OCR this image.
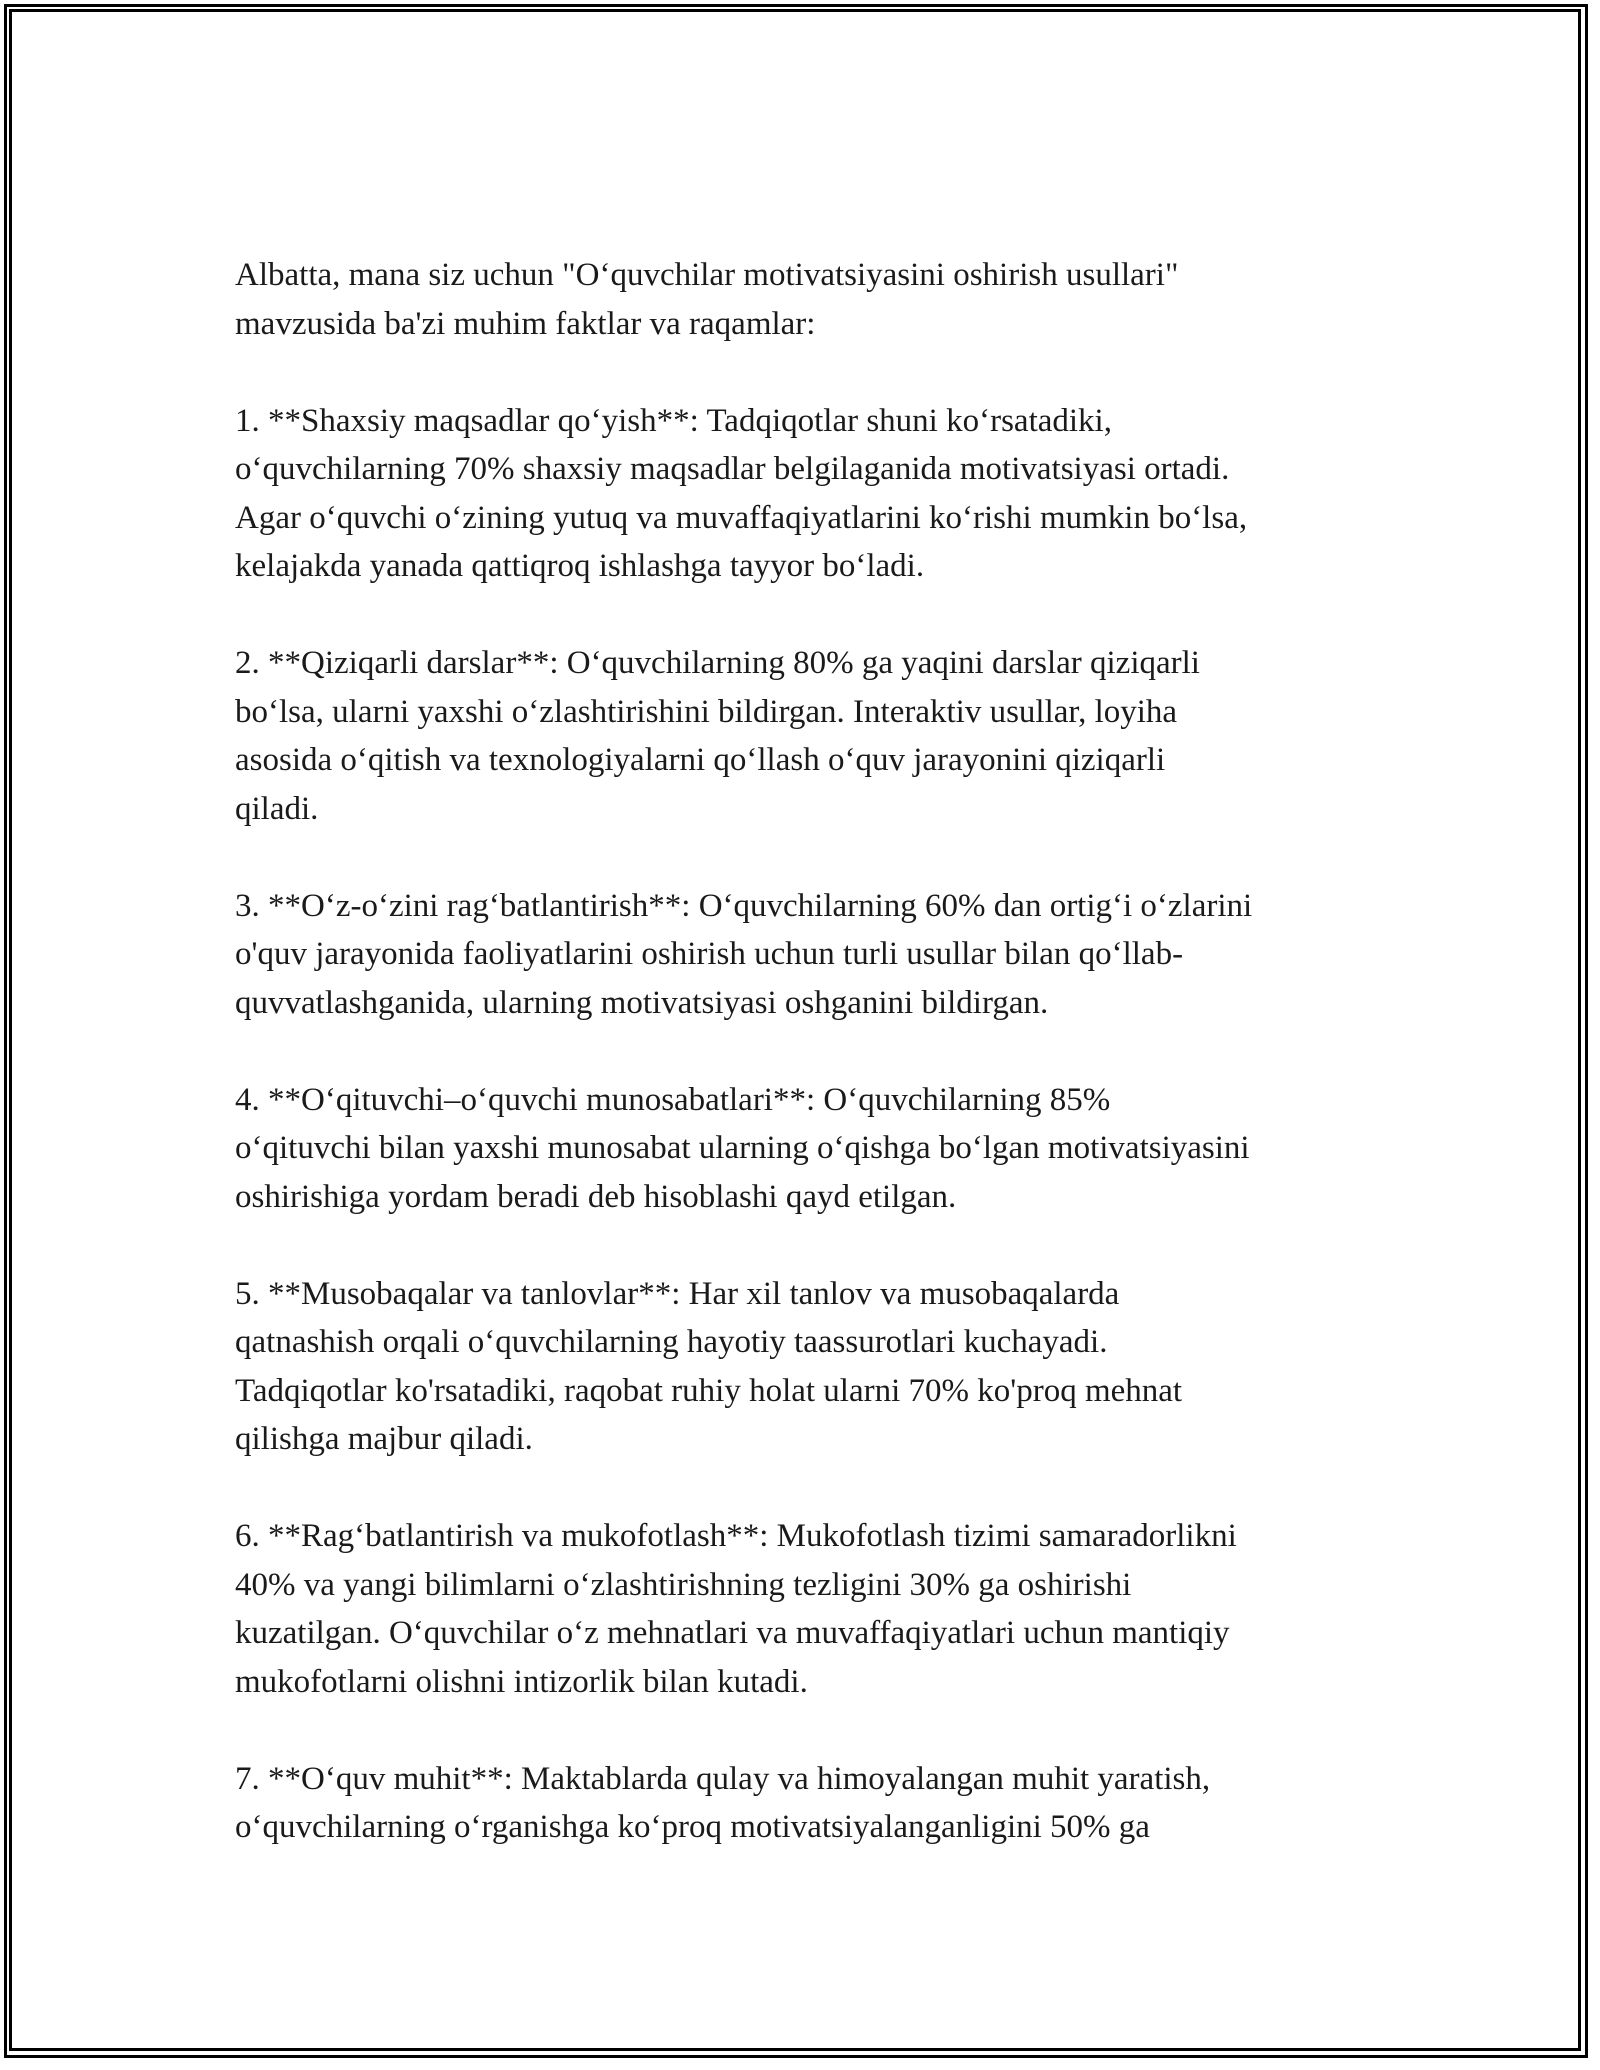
Albatta, mana siz uchun "O‘quvchilar motivatsiyasini oshirish usullari"
mavzusida ba'zi muhim faktlar va raqamlar:

1. **Shaxsiy maqsadlar qo‘yish**: Tadqiqotlar shuni ko‘rsatadiki,
o‘quvchilarning 70% shaxsiy maqsadlar belgilaganida motivatsiyasi ortadi.
Agar o‘quvchi o‘zining yutuq va muvaffaqiyatlarini ko‘rishi mumkin bo‘lsa,
kelajakda yanada qattiqroq ishlashga tayyor bo‘ladi.

2. **Qiziqarli darslar**: O‘quvchilarning 80% ga yaqini darslar qiziqarli
bo‘lsa, ularni yaxshi o‘zlashtirishini bildirgan. Interaktiv usullar, loyiha
asosida o‘qitish va texnologiyalarni qo‘llash o‘quv jarayonini qiziqarli
qiladi.

3. **O‘z-o‘zini rag‘batlantirish**: O‘quvchilarning 60% dan ortig‘i o‘zlarini
o'quv jarayonida faoliyatlarini oshirish uchun turli usullar bilan qo‘llab-
quvvatlashganida, ularning motivatsiyasi oshganini bildirgan.

4. **O‘qituvchi–o‘quvchi munosabatlari**: O‘quvchilarning 85%
o‘qituvchi bilan yaxshi munosabat ularning o‘qishga bo‘lgan motivatsiyasini
oshirishiga yordam beradi deb hisoblashi qayd etilgan.

5. **Musobaqalar va tanlovlar**: Har xil tanlov va musobaqalarda
qatnashish orqali o‘quvchilarning hayotiy taassurotlari kuchayadi.
Tadqiqotlar ko'rsatadiki, raqobat ruhiy holat ularni 70% ko'proq mehnat
qilishga majbur qiladi.

6. **Rag‘batlantirish va mukofotlash**: Mukofotlash tizimi samaradorlikni
40% va yangi bilimlarni o‘zlashtirishning tezligini 30% ga oshirishi
kuzatilgan. O‘quvchilar o‘z mehnatlari va muvaffaqiyatlari uchun mantiqiy
mukofotlarni olishni intizorlik bilan kutadi.

7. **O‘quv muhit**: Maktablarda qulay va himoyalangan muhit yaratish,
o‘quvchilarning o‘rganishga ko‘proq motivatsiyalanganligini 50% ga
